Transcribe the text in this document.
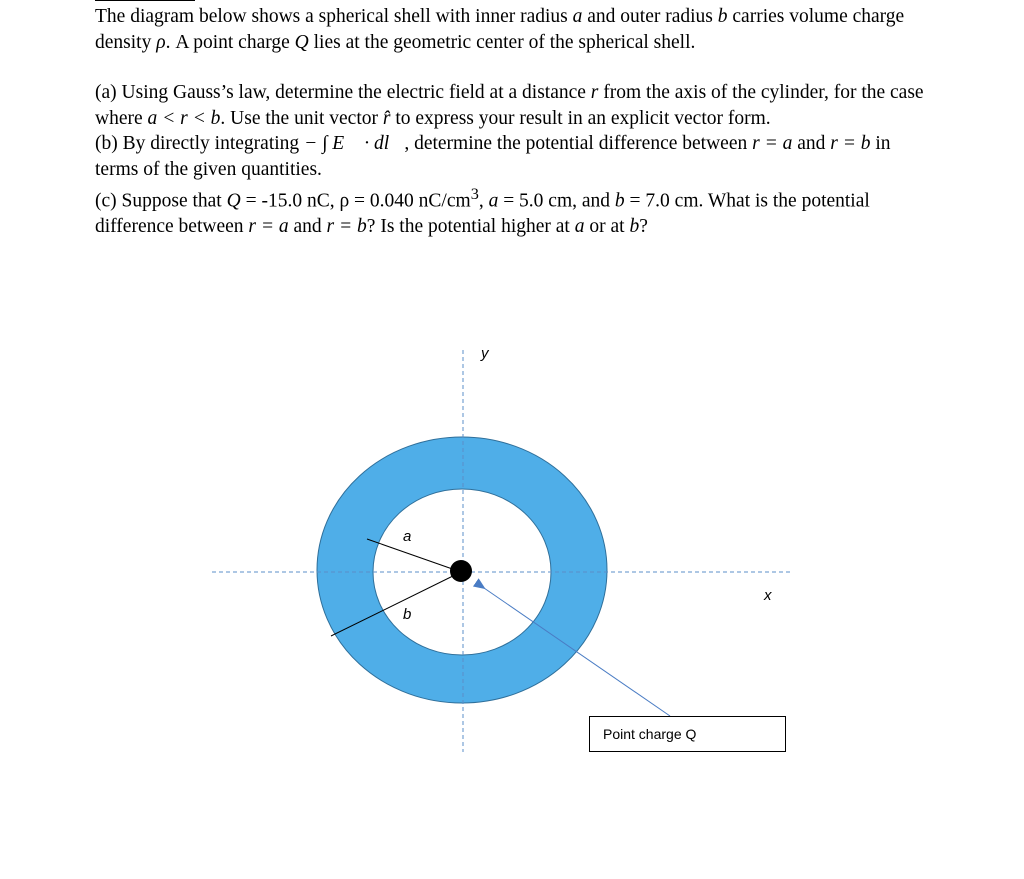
The diagram below shows a spherical shell with inner radius a and outer radius b carries volume charge density ρ. A point charge Q lies at the geometric center of the spherical shell.

(a) Using Gauss’s law, determine the electric field at a distance r from the axis of the cylinder, for the case where a < r < b. Use the unit vector r̂ to express your result in an explicit vector form.

(b) By directly integrating − ∫ E⃗ · dl⃗, determine the potential difference between r = a and r = b in terms of the given quantities.

(c) Suppose that Q = -15.0 nC, ρ = 0.040 $nC/cm^3$, a = 5.0 cm, and b = 7.0 cm. What is the potential difference between r = a and r = b? Is the potential higher at a or at b?

y
x
a
b
Point charge Q
